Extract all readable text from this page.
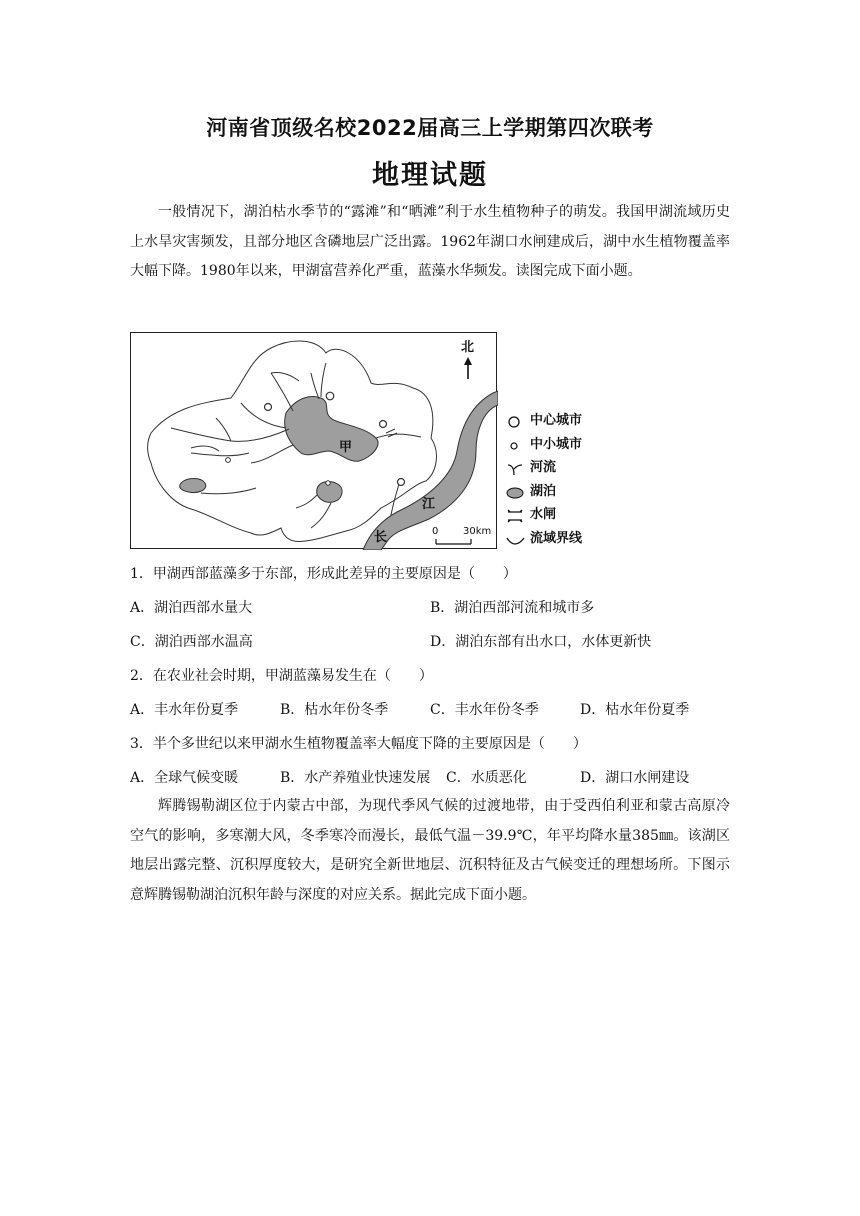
河南省顶级名校2022届高三上学期第四次联考
地理试题
一般情况下，湖泊枯水季节的“露滩”和“晒滩”利于水生植物种子的萌发。我国甲湖流域历史上水旱灾害频发，且部分地区含磷地层广泛出露。1962年湖口水闸建成后，湖中水生植物覆盖率大幅下降。1980年以来，甲湖富营养化严重，蓝藻水华频发。读图完成下面小题。
北
甲
江
长	0 30km
中心城市
中小城市
河流
湖泊
水闸
流域界线
1．甲湖西部蓝藻多于东部，形成此差异的主要原因是（　　）
A．湖泊西部水量大	B．湖泊西部河流和城市多
C．湖泊西部水温高	D．湖泊东部有出水口，水体更新快
2．在农业社会时期，甲湖蓝藻易发生在（　　）
A．丰水年份夏季	B．枯水年份冬季	C．丰水年份冬季	D．枯水年份夏季
3．半个多世纪以来甲湖水生植物覆盖率大幅度下降的主要原因是（　　）
A．全球气候变暖	B．水产养殖业快速发展 C．水质恶化	D．湖口水闸建设
辉腾锡勒湖区位于内蒙古中部，为现代季风气候的过渡地带，由于受西伯利亚和蒙古高原冷空气的影响，多寒潮大风，冬季寒冷而漫长，最低气温－39.9℃，年平均降水量385㎜。该湖区地层出露完整、沉积厚度较大，是研究全新世地层、沉积特征及古气候变迁的理想场所。下图示意辉腾锡勒湖泊沉积年龄与深度的对应关系。据此完成下面小题。
